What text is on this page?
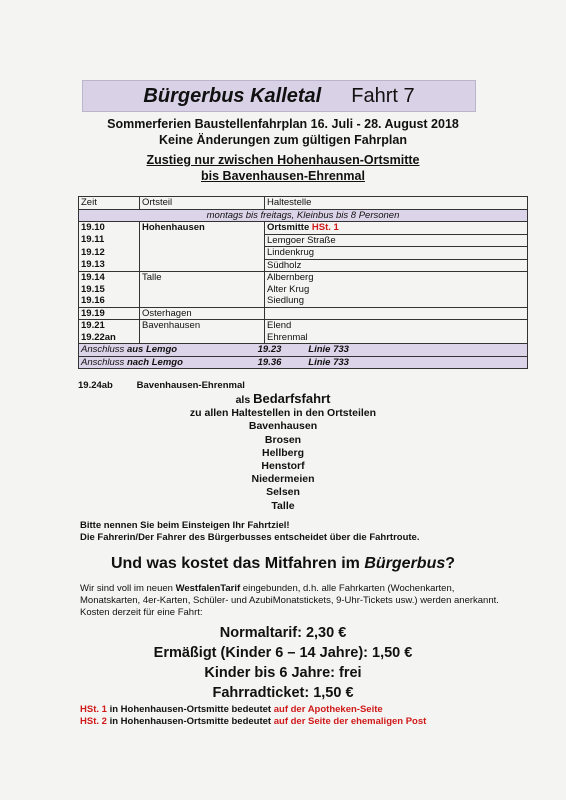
Bürgerbus Kalletal Fahrt 7
Sommerferien Baustellenfahrplan 16. Juli - 28. August 2018
Keine Änderungen zum gültigen Fahrplan
Zustieg nur zwischen Hohenhausen-Ortsmitte
bis Bavenhausen-Ehrenmal
Zeit	Ortsteil	Haltestelle
montags bis freitags, Kleinbus bis 8 Personen		
19.10	Hohenhausen	Ortsmitte HSt. 1
19.11		Lemgoer Straße
19.12		Lindenkrug
19.13		Südholz
19.14	Talle	Albernberg
19.15		Alter Krug
19.16		Siedlung
19.19	Osterhagen	
19.21	Bavenhausen	Elend
19.22an		Ehrenmal
Anschluss aus Lemgo 19.23 Linie 733		
Anschluss nach Lemgo 19.36 Linie 733		
19.24ab	Bavenhausen-Ehrenmal
als Bedarfsfahrt
zu allen Haltestellen in den Ortsteilen
Bavenhausen
Brosen
Hellberg
Henstorf
Niedermeien
Selsen
Talle
Bitte nennen Sie beim Einsteigen Ihr Fahrtziel!
Die Fahrerin/Der Fahrer des Bürgerbusses entscheidet über die Fahrtroute.
Und was kostet das Mitfahren im Bürgerbus?
Wir sind voll im neuen WestfalenTarif eingebunden, d.h. alle Fahrkarten (Wochenkarten, Monatskarten, 4er-Karten, Schüler- und AzubiMonatstickets, 9-Uhr-Tickets usw.) werden anerkannt. Kosten derzeit für eine Fahrt:
Normaltarif: 2,30 €
Ermäßigt (Kinder 6 – 14 Jahre): 1,50 €
Kinder bis 6 Jahre: frei
Fahrradticket: 1,50 €
HSt. 1 in Hohenhausen-Ortsmitte bedeutet auf der Apotheken-Seite
HSt. 2 in Hohenhausen-Ortsmitte bedeutet auf der Seite der ehemaligen Post
